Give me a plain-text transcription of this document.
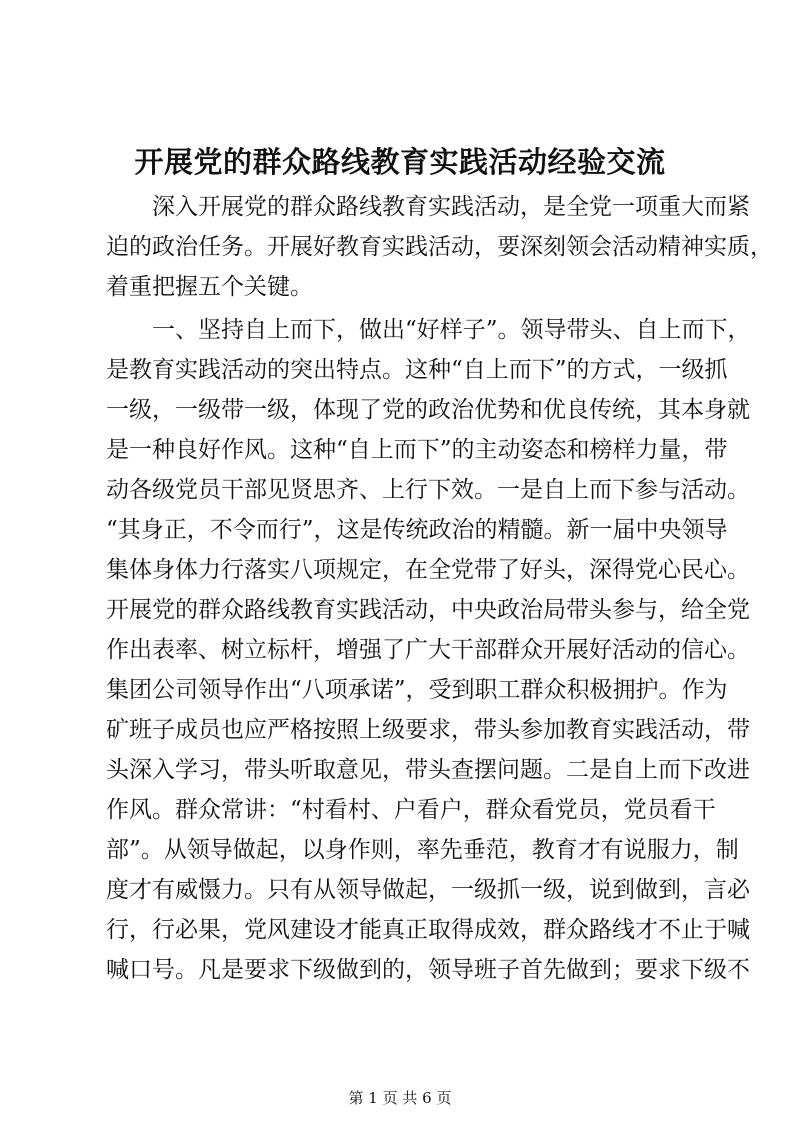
开展党的群众路线教育实践活动经验交流
深入开展党的群众路线教育实践活动，是全党一项重大而紧
迫的政治任务。开展好教育实践活动，要深刻领会活动精神实质，
着重把握五个关键。
一、坚持自上而下，做出“好样子”。领导带头、自上而下，
是教育实践活动的突出特点。这种“自上而下”的方式，一级抓
一级，一级带一级，体现了党的政治优势和优良传统，其本身就
是一种良好作风。这种“自上而下”的主动姿态和榜样力量，带
动各级党员干部见贤思齐、上行下效。一是自上而下参与活动。
“其身正，不令而行”，这是传统政治的精髓。新一届中央领导
集体身体力行落实八项规定，在全党带了好头，深得党心民心。
开展党的群众路线教育实践活动，中央政治局带头参与，给全党
作出表率、树立标杆，增强了广大干部群众开展好活动的信心。
集团公司领导作出“八项承诺”，受到职工群众积极拥护。作为
矿班子成员也应严格按照上级要求，带头参加教育实践活动，带
头深入学习，带头听取意见，带头查摆问题。二是自上而下改进
作风。群众常讲：“村看村、户看户，群众看党员，党员看干
部”。从领导做起，以身作则，率先垂范，教育才有说服力，制
度才有威慑力。只有从领导做起，一级抓一级，说到做到，言必
行，行必果，党风建设才能真正取得成效，群众路线才不止于喊
喊口号。凡是要求下级做到的，领导班子首先做到；要求下级不
第 1 页 共 6 页
